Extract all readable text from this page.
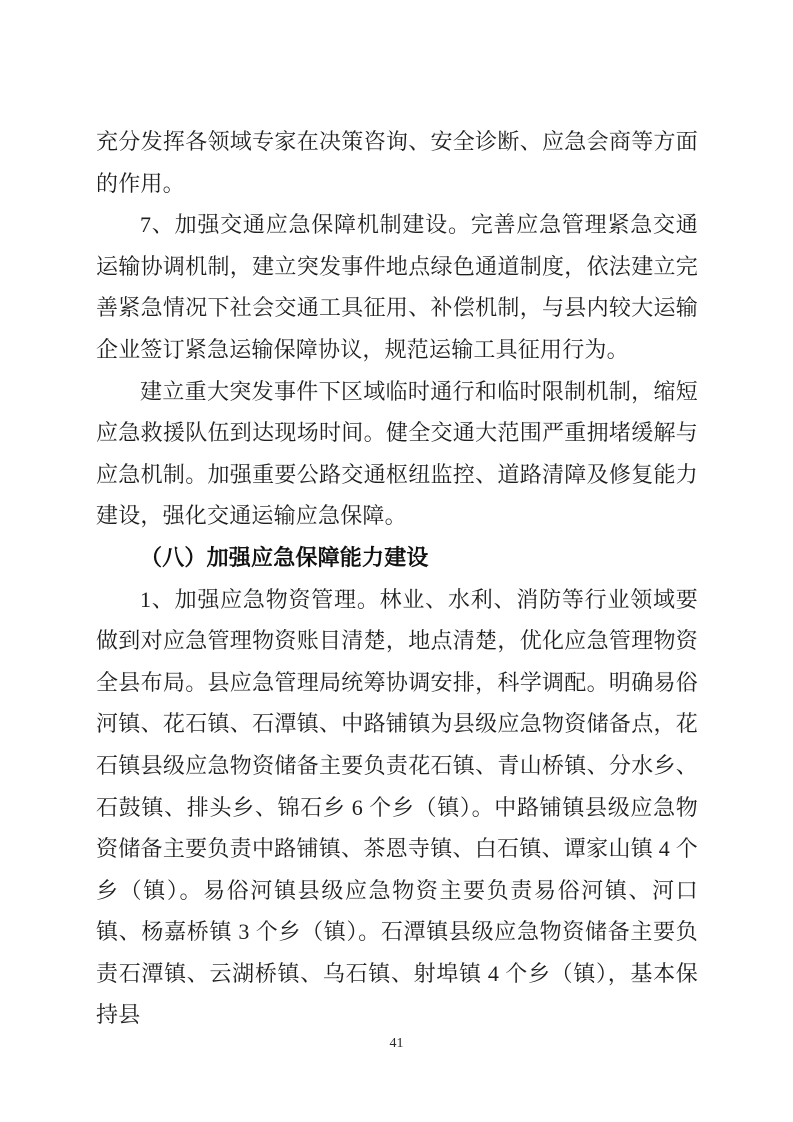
充分发挥各领域专家在决策咨询、安全诊断、应急会商等方面的作用。

7、加强交通应急保障机制建设。完善应急管理紧急交通运输协调机制，建立突发事件地点绿色通道制度，依法建立完善紧急情况下社会交通工具征用、补偿机制，与县内较大运输企业签订紧急运输保障协议，规范运输工具征用行为。

建立重大突发事件下区域临时通行和临时限制机制，缩短应急救援队伍到达现场时间。健全交通大范围严重拥堵缓解与应急机制。加强重要公路交通枢纽监控、道路清障及修复能力建设，强化交通运输应急保障。

（八）加强应急保障能力建设

1、加强应急物资管理。林业、水利、消防等行业领域要做到对应急管理物资账目清楚，地点清楚，优化应急管理物资全县布局。县应急管理局统筹协调安排，科学调配。明确易俗河镇、花石镇、石潭镇、中路铺镇为县级应急物资储备点，花石镇县级应急物资储备主要负责花石镇、青山桥镇、分水乡、石鼓镇、排头乡、锦石乡 6 个乡（镇）。中路铺镇县级应急物资储备主要负责中路铺镇、茶恩寺镇、白石镇、谭家山镇 4 个乡（镇）。易俗河镇县级应急物资主要负责易俗河镇、河口镇、杨嘉桥镇 3 个乡（镇）。石潭镇县级应急物资储备主要负责石潭镇、云湖桥镇、乌石镇、射埠镇 4 个乡（镇），基本保持县

41
